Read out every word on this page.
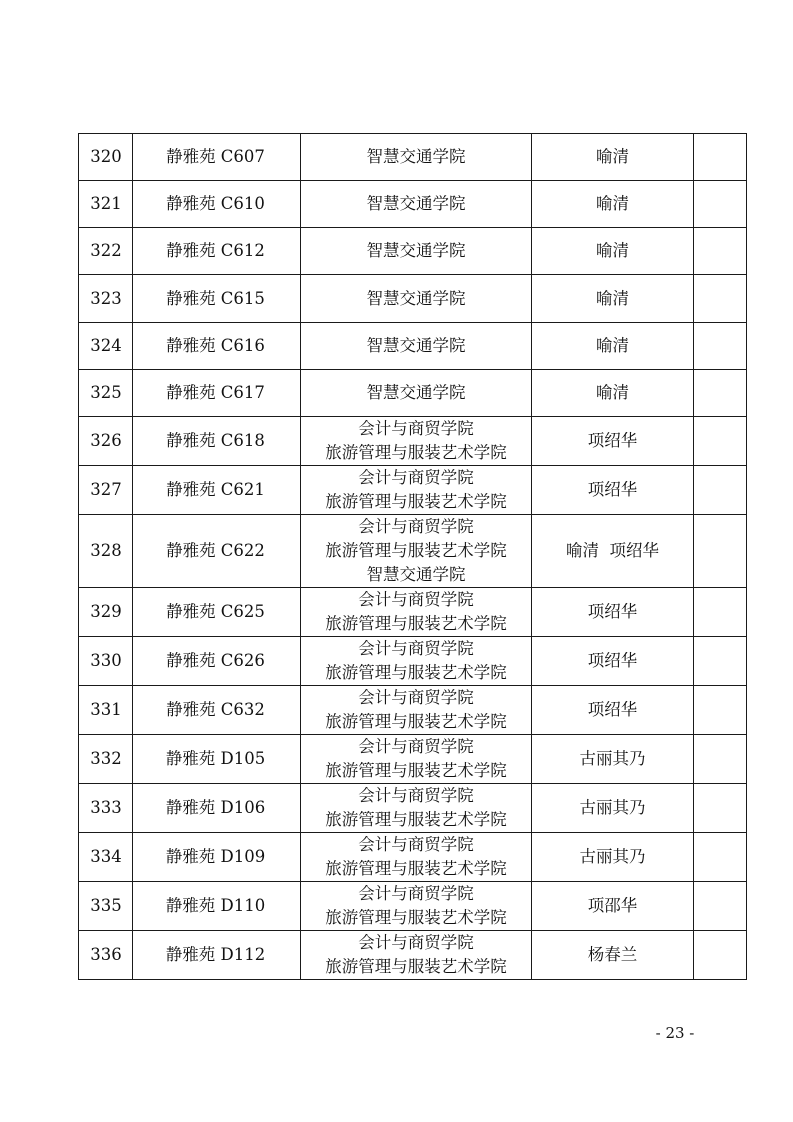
320	静雅苑 C607	智慧交通学院	喻清	
321	静雅苑 C610	智慧交通学院	喻清	
322	静雅苑 C612	智慧交通学院	喻清	
323	静雅苑 C615	智慧交通学院	喻清	
324	静雅苑 C616	智慧交通学院	喻清	
325	静雅苑 C617	智慧交通学院	喻清	
326	静雅苑 C618	会计与商贸学院
旅游管理与服装艺术学院	项绍华	
327	静雅苑 C621	会计与商贸学院
旅游管理与服装艺术学院	项绍华	
328	静雅苑 C622	会计与商贸学院
旅游管理与服装艺术学院
智慧交通学院	喻清  项绍华	
329	静雅苑 C625	会计与商贸学院
旅游管理与服装艺术学院	项绍华	
330	静雅苑 C626	会计与商贸学院
旅游管理与服装艺术学院	项绍华	
331	静雅苑 C632	会计与商贸学院
旅游管理与服装艺术学院	项绍华	
332	静雅苑 D105	会计与商贸学院
旅游管理与服装艺术学院	古丽其乃	
333	静雅苑 D106	会计与商贸学院
旅游管理与服装艺术学院	古丽其乃	
334	静雅苑 D109	会计与商贸学院
旅游管理与服装艺术学院	古丽其乃	
335	静雅苑 D110	会计与商贸学院
旅游管理与服装艺术学院	项邵华	
336	静雅苑 D112	会计与商贸学院
旅游管理与服装艺术学院	杨春兰	
- 23 -
